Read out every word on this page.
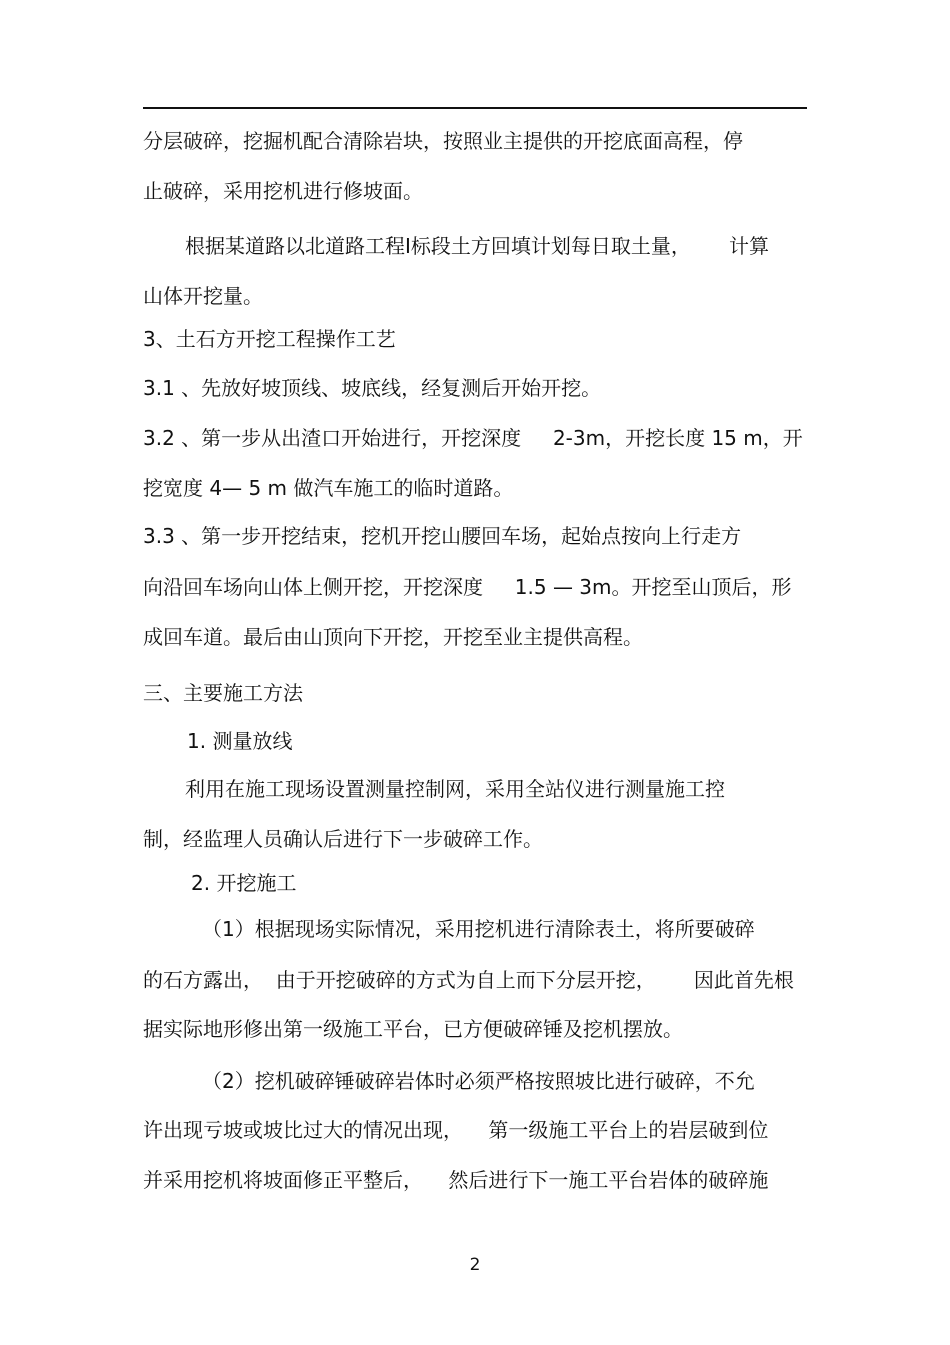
分层破碎，挖掘机配合清除岩块，按照业主提供的开挖底面高程，停
止破碎，采用挖机进行修坡面。
根据某道路以北道路工程Ⅰ标段土方回填计划每日取土量，      计算
山体开挖量。
3、土石方开挖工程操作工艺
3.1 、先放好坡顶线、坡底线，经复测后开始开挖。
3.2 、第一步从出渣口开始进行，开挖深度     2-3m，开挖长度 15 m，开
挖宽度 4— 5 m 做汽车施工的临时道路。
3.3 、第一步开挖结束，挖机开挖山腰回车场，起始点按向上行走方
向沿回车场向山体上侧开挖，开挖深度     1.5 — 3m。开挖至山顶后，形
成回车道。最后由山顶向下开挖，开挖至业主提供高程。
三、主要施工方法
1. 测量放线
利用在施工现场设置测量控制网，采用全站仪进行测量施工控
制，经监理人员确认后进行下一步破碎工作。
2. 开挖施工
（1）根据现场实际情况，采用挖机进行清除表土，将所要破碎
的石方露出，  由于开挖破碎的方式为自上而下分层开挖，      因此首先根
据实际地形修出第一级施工平台，已方便破碎锤及挖机摆放。
（2）挖机破碎锤破碎岩体时必须严格按照坡比进行破碎，不允
许出现亏坡或坡比过大的情况出现，    第一级施工平台上的岩层破到位
并采用挖机将坡面修正平整后，    然后进行下一施工平台岩体的破碎施
2
